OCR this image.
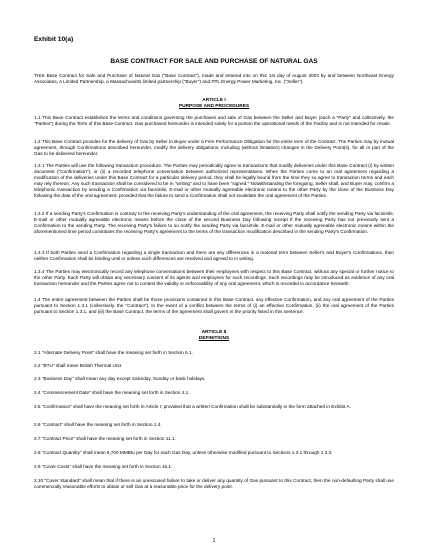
Exhibit 10(a)
BASE CONTRACT FOR SALE AND PURCHASE OF NATURAL GAS
THIS Base Contract for Sale and Purchase of Natural Gas ("Base Contract"), made and entered into on this 1st day of August 2003 by and between Northeast Energy Associates, A Limited Partnership, a Massachusetts limited partnership ("Buyer") and FPL Energy Power Marketing, Inc. ("Seller").
ARTICLE I
PURPOSE AND PROCEDURES
1.1 This Base Contract establishes the terms and conditions governing the purchases and sale of Gas between the Seller and Buyer (each a "Party" and collectively, the "Parties") during the Term of this Base Contract. Gas purchased hereunder is intended solely for a portion the operational needs of the Facility and is not intended for resale.
1.2 This Base Contract provides for the delivery of Gas by Seller to Buyer under a Firm Performance Obligation for the entire term of the Contract. The Parties may by mutual agreement, through Confirmations described hereunder, modify the delivery obligations, including (without limitation) changes in the Delivery Point(s), for all or part of the Gas to be delivered hereunder.
1.3.1 The Parties will use the following transaction procedure. The Parties may periodically agree to transactions that modify deliveries under this Base Contract (i) by written document ("Confirmation"), or (ii) a recorded telephone conversation between authorized representatives. When the Parties come to an oral agreement regarding a modification of the deliveries under this Base Contract for a particular delivery period, they shall be legally bound from the time they so agree to transaction terms and each may rely thereon. Any such transaction shall be considered to be in "writing" and to have been "signed." Notwithstanding the foregoing, Seller shall, and Buyer may, confirm a telephonic transaction by sending a Confirmation via facsimile, E-mail or other mutually agreeable electronic means to the other Party by the close of the Business Day following the date of the oral agreement; provided that the failure to send a Confirmation shall not invalidate the oral agreement of the Parties.
1.3.2 If a sending Party's Confirmation is contrary to the receiving Party's understanding of the oral agreement, the receiving Party shall notify the sending Party via facsimile, E-mail or other mutually agreeable electronic means before the close of the second Business Day following receipt if the receiving Party has not previously sent a Confirmation to the sending Party. The receiving Party's failure to so notify the sending Party via facsimile, E-mail or other mutually agreeable electronic means within the aforementioned time period constitutes the receiving Party's agreement to the terms of the transaction modification described in the sending Party's Confirmation.
1.3.3 If both Parties send a Confirmation regarding a single transaction and there are any differences in a material term between Seller's and Buyer's Confirmations, then neither Confirmation shall be binding until or unless such differences are resolved and agreed to in writing.
1.3.4 The Parties may electronically record any telephone conversations between their employees with respect to this Base Contract, without any special or further notice to the other Party. Each Party will obtain any necessary consent of its agents and employees for such recordings. Such recordings may be introduced as evidence of any oral transaction hereunder and the Parties agree not to contest the validity or enforceability of any oral agreement, which is recorded in accordance herewith.
1.4 The entire agreement between the Parties shall be those provisions contained in this Base Contract, any effective Confirmation, and any oral agreement of the Parties pursuant to Section 1.3.1 (collectively, the "Contract"). In the event of a conflict between the terms of (i) an effective Confirmation, (ii) the oral agreement of the Parties pursuant to Section 1.3.1, and (iii) the Base Contract, the terms of the agreement shall govern in the priority listed in this sentence.
ARTICLE II
DEFINITIONS
2.1 "Alternate Delivery Point" shall have the meaning set forth in Section 6.1.
2.2 "BTU" shall mean British Thermal Unit.
2.3 "Business Day" shall mean any day except Saturday, Sunday or bank holidays.
2.4 "Commencement Date" shall have the meaning set forth in Section 4.1.
2.5 "Confirmation" shall have the meaning set forth in Article I; provided that a written Confirmation shall be substantially in the form attached in Exhibit A.
2.6 "Contract" shall have the meaning set forth in Section 1.4.
2.7 "Contract Price" shall have the meaning set forth in Section 11.1.
2.8 "Contract Quantity" shall mean 6,700 MMBtu per Day for each Gas Day, unless otherwise modified pursuant to Sections 1.3.1 through 1.3.3.
2.9 "Cover Costs" shall have the meaning set forth in Section 16.1.
2.10 "Cover Standard" shall mean that if there is an unexcused failure to take or deliver any quantity of Gas pursuant to this Contract, then the non-defaulting Party shall use commercially reasonable efforts to obtain or sell Gas at a reasonable price for the delivery point.
1
